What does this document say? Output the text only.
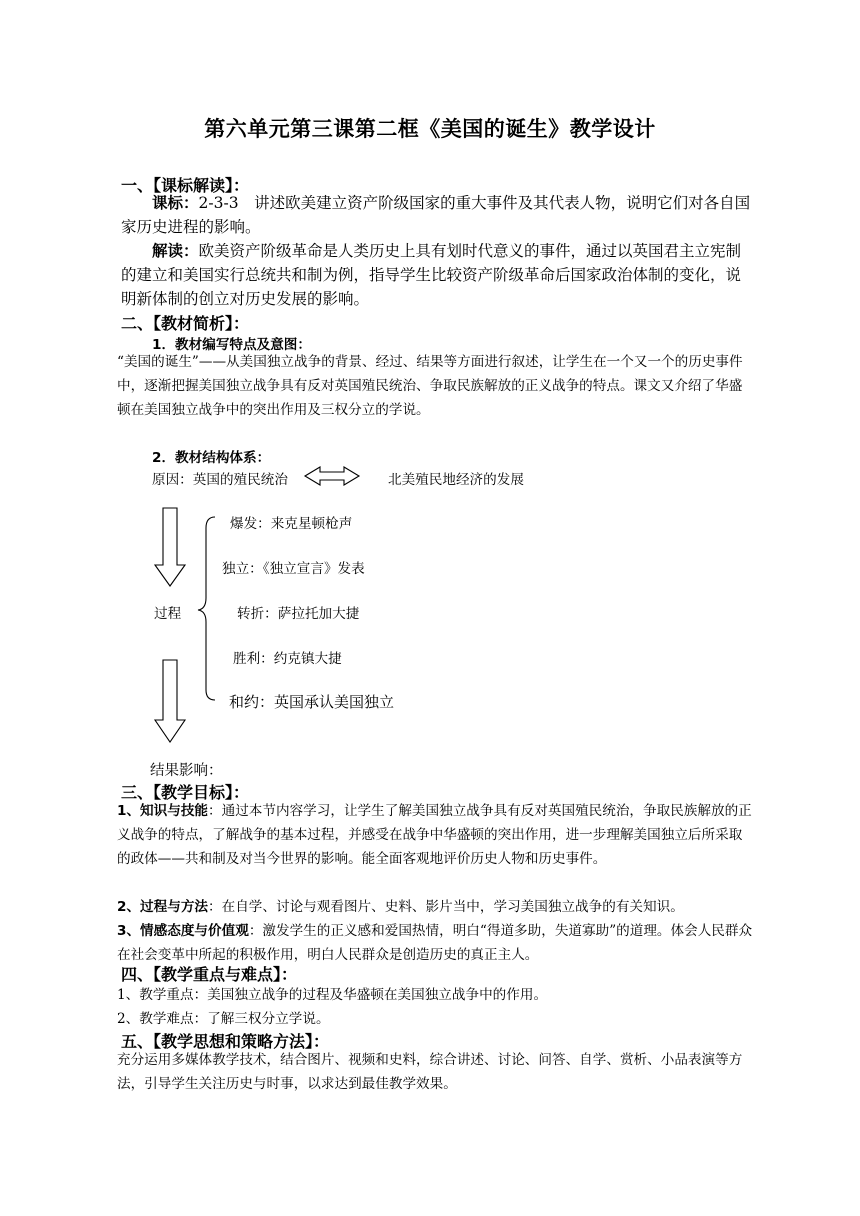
第六单元第三课第二框《美国的诞生》教学设计
一、【课标解读】：
课标：2-3-3　讲述欧美建立资产阶级国家的重大事件及其代表人物，说明它们对各自国家历史进程的影响。
解读：欧美资产阶级革命是人类历史上具有划时代意义的事件，通过以英国君主立宪制的建立和美国实行总统共和制为例，指导学生比较资产阶级革命后国家政治体制的变化，说明新体制的创立对历史发展的影响。
二、【教材简析】：
1．教材编写特点及意图：
“美国的诞生”——从美国独立战争的背景、经过、结果等方面进行叙述，让学生在一个又一个的历史事件中，逐渐把握美国独立战争具有反对英国殖民统治、争取民族解放的正义战争的特点。课文又介绍了华盛顿在美国独立战争中的突出作用及三权分立的学说。
2．教材结构体系：
原因：英国的殖民统治	北美殖民地经济的发展
过程
爆发：来克星顿枪声
独立：《独立宣言》发表
转折：萨拉托加大捷
胜利：约克镇大捷
和约：英国承认美国独立
结果影响：
三、【教学目标】：
1、知识与技能：通过本节内容学习，让学生了解美国独立战争具有反对英国殖民统治，争取民族解放的正义战争的特点，了解战争的基本过程，并感受在战争中华盛顿的突出作用，进一步理解美国独立后所采取的政体——共和制及对当今世界的影响。能全面客观地评价历史人物和历史事件。
2、过程与方法：在自学、讨论与观看图片、史料、影片当中，学习美国独立战争的有关知识。
3、情感态度与价值观：激发学生的正义感和爱国热情，明白“得道多助，失道寡助”的道理。体会人民群众在社会变革中所起的积极作用，明白人民群众是创造历史的真正主人。
四、【教学重点与难点】：
1、教学重点：美国独立战争的过程及华盛顿在美国独立战争中的作用。
2、教学难点：了解三权分立学说。
五、【教学思想和策略方法】：
充分运用多媒体教学技术，结合图片、视频和史料，综合讲述、讨论、问答、自学、赏析、小品表演等方法，引导学生关注历史与时事，以求达到最佳教学效果。
